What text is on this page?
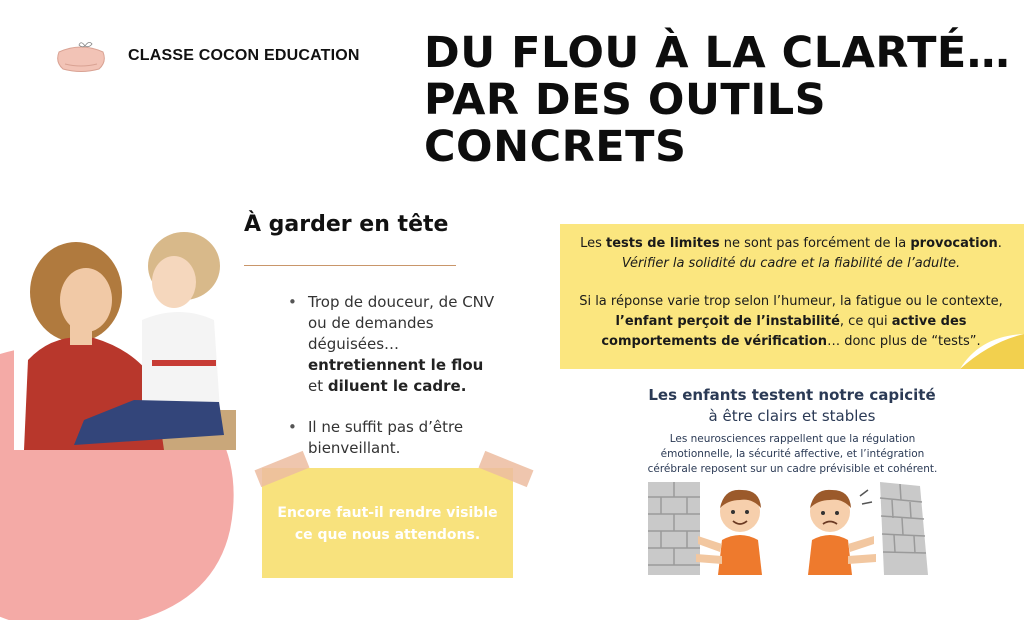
CLASSE COCON EDUCATION DU FLOU À LA CLARTÉ…
PAR DES OUTILS
CONCRETS
À garder en tête
• Trop de douceur, de CNV ou de demandes déguisées…
entretiennent le flou et diluent le cadre.
• Il ne suffit pas d’être bienveillant.
Encore faut-il rendre visible ce que nous attendons.

Les tests de limites ne sont pas forcément de la provocation.

Vérifier la solidité du cadre et la fiabilité de l’adulte.

Si la réponse varie trop selon l’humeur, la fatigue ou le contexte, l’enfant perçoit de l’instabilité, ce qui active des comportements de vérification… donc plus de “tests”.

Les enfants testent notre capicité
à être clairs et stables
Les neurosciences rappellent que la régulation émotionnelle, la sécurité affective, et l’intégration cérébrale reposent sur un cadre prévisible et cohérent.
